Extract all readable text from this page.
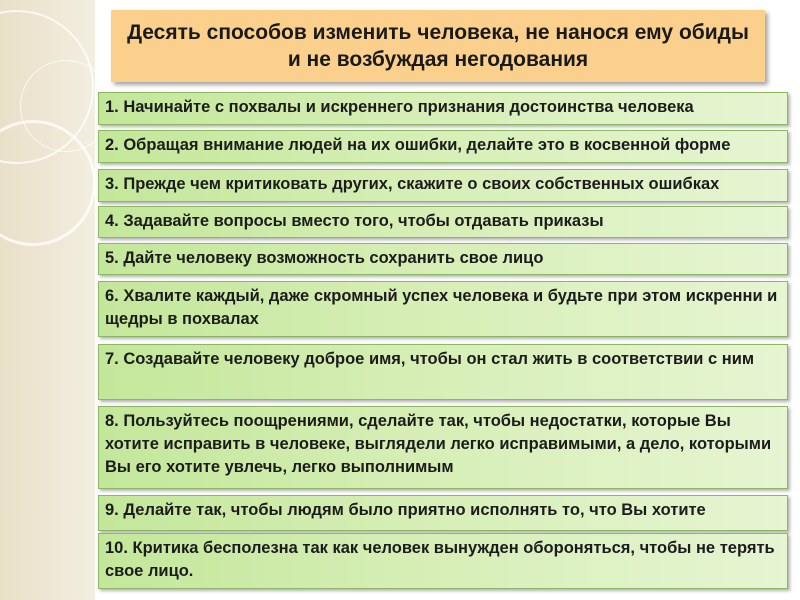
Десять способов изменить человека, не нанося ему обиды и не возбуждая негодования
1. Начинайте с похвалы и искреннего признания достоинства человека
2. Обращая внимание людей на их ошибки, делайте это в косвенной форме
3. Прежде чем критиковать других, скажите о своих собственных ошибках
4. Задавайте вопросы вместо того, чтобы отдавать приказы
5. Дайте человеку возможность сохранить свое лицо
6. Хвалите каждый, даже скромный успех человека и будьте при этом искренни и щедры в похвалах
7. Создавайте человеку доброе имя, чтобы он стал жить в соответствии с ним
8. Пользуйтесь поощрениями, сделайте так, чтобы недостатки, которые Вы хотите исправить в человеке, выглядели легко исправимыми, а дело, которыми Вы его хотите увлечь, легко выполнимым
9. Делайте так, чтобы людям было приятно исполнять то, что Вы хотите
10. Критика бесполезна так как человек вынужден обороняться, чтобы не терять свое лицо.
